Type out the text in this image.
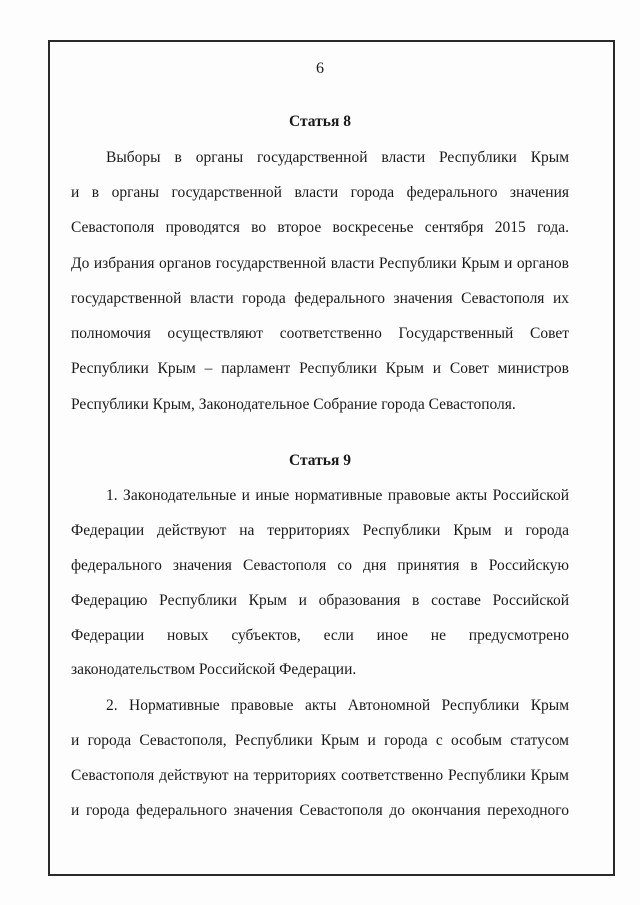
6
Статья 8
Выборы в органы государственной власти Республики Крым
и в органы государственной власти города федерального значения
Севастополя проводятся во второе воскресенье сентября 2015 года.
До избрания органов государственной власти Республики Крым и органов
государственной власти города федерального значения Севастополя их
полномочия осуществляют соответственно Государственный Совет
Республики Крым – парламент Республики Крым и Совет министров
Республики Крым, Законодательное Собрание города Севастополя.
Статья 9
1. Законодательные и иные нормативные правовые акты Российской
Федерации действуют на территориях Республики Крым и города
федерального значения Севастополя со дня принятия в Российскую
Федерацию Республики Крым и образования в составе Российской
Федерации новых субъектов, если иное не предусмотрено
законодательством Российской Федерации.
2. Нормативные правовые акты Автономной Республики Крым
и города Севастополя, Республики Крым и города с особым статусом
Севастополя действуют на территориях соответственно Республики Крым
и города федерального значения Севастополя до окончания переходного
